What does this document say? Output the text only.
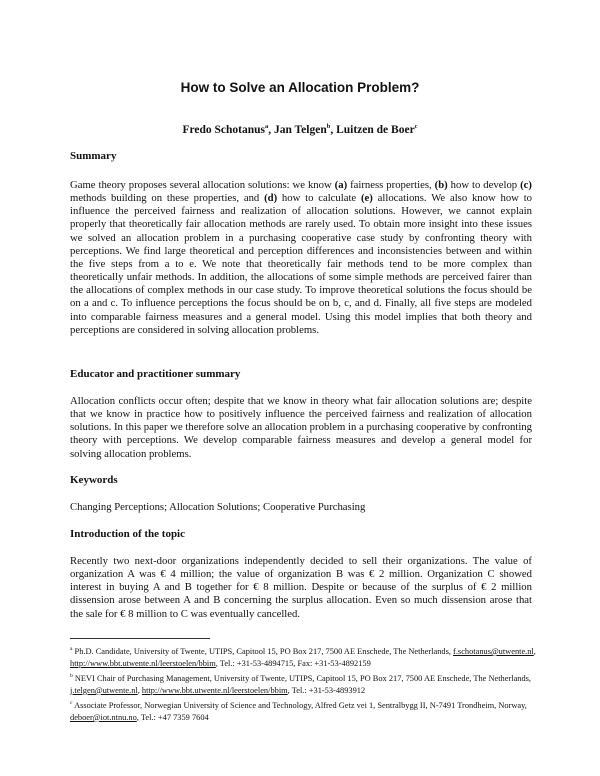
How to Solve an Allocation Problem?
Fredo Schotanus$^a$, Jan Telgen$^b$, Luitzen de Boer$^c$
Summary

Game theory proposes several allocation solutions: we know (a) fairness properties, (b) how to develop (c) methods building on these properties, and (d) how to calculate (e) allocations. We also know how to influence the perceived fairness and realization of allocation solutions. However, we cannot explain properly that theoretically fair allocation methods are rarely used. To obtain more insight into these issues we solved an allocation problem in a purchasing cooperative case study by confronting theory with perceptions. We find large theoretical and perception differences and inconsistencies between and within the five steps from a to e. We note that theoretically fair methods tend to be more complex than theoretically unfair methods. In addition, the allocations of some simple methods are perceived fairer than the allocations of complex methods in our case study. To improve theoretical solutions the focus should be on a and c. To influence perceptions the focus should be on b, c, and d. Finally, all five steps are modeled into comparable fairness measures and a general model. Using this model implies that both theory and perceptions are considered in solving allocation problems.

Educator and practitioner summary

Allocation conflicts occur often; despite that we know in theory what fair allocation solutions are; despite that we know in practice how to positively influence the perceived fairness and realization of allocation solutions. In this paper we therefore solve an allocation problem in a purchasing cooperative by confronting theory with perceptions. We develop comparable fairness measures and develop a general model for solving allocation problems.

Keywords

Changing Perceptions; Allocation Solutions; Cooperative Purchasing

Introduction of the topic

Recently two next-door organizations independently decided to sell their organizations. The value of organization A was € 4 million; the value of organization B was € 2 million. Organization C showed interest in buying A and B together for € 8 million. Despite or because of the surplus of € 2 million dissension arose between A and B concerning the surplus allocation. Even so much dissension arose that the sale for € 8 million to C was eventually cancelled.

$^a$ Ph.D. Candidate, University of Twente, UTIPS, Capitool 15, PO Box 217, 7500 AE Enschede, The Netherlands, f.schotanus@utwente.nl, http://www.bbt.utwente.nl/leerstoelen/bbim, Tel.: +31-53-4894715, Fax: +31-53-4892159

$^b$ NEVI Chair of Purchasing Management, University of Twente, UTIPS, Capitool 15, PO Box 217, 7500 AE Enschede, The Netherlands, j.telgen@utwente.nl, http://www.bbt.utwente.nl/leerstoelen/bbim, Tel.: +31-53-4893912

$^c$ Associate Professor, Norwegian University of Science and Technology, Alfred Getz vei 1, Sentralbygg II, N-7491 Trondheim, Norway, deboer@iot.ntnu.no, Tel.: +47 7359 7604
